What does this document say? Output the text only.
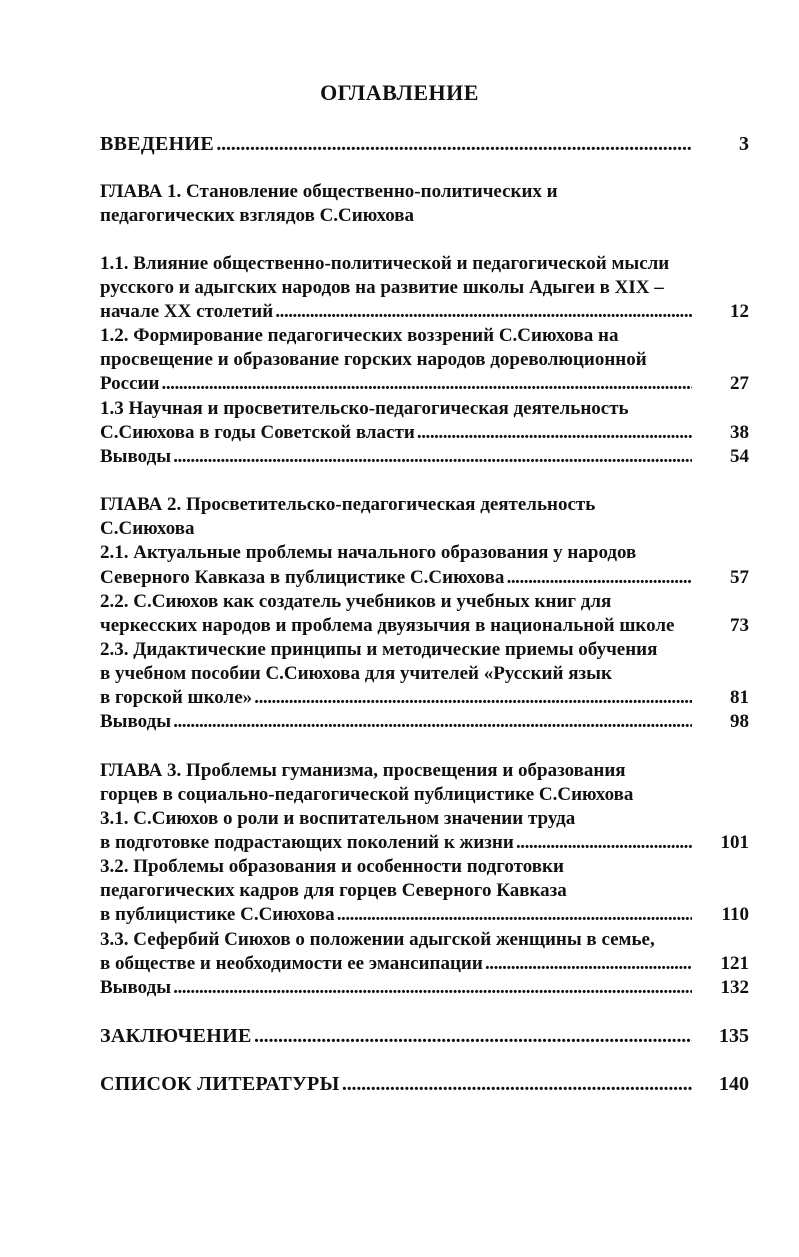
ОГЛАВЛЕНИЕ
ВВЕДЕНИЕ . . .	3
ГЛАВА 1. Становление общественно-политических и
педагогических взглядов С.Сиюхова
1.1. Влияние общественно-политической и педагогической мысли
русского и адыгских народов на развитие школы Адыгеи в XIX –
начале XX столетий . . .	12
1.2. Формирование педагогических воззрений С.Сиюхова на
просвещение и образование горских народов дореволюционной
России . . .	27
1.3 Научная и просветительско-педагогическая деятельность
С.Сиюхова в годы Советской власти . . .	38
Выводы . . .	54
ГЛАВА 2. Просветительско-педагогическая деятельность
С.Сиюхова
2.1. Актуальные проблемы начального образования у народов
Северного Кавказа в публицистике С.Сиюхова . . .	57
2.2. С.Сиюхов как создатель учебников и учебных книг для
черкесских народов и проблема двуязычия в национальной школе	73
2.3. Дидактические принципы и методические приемы обучения
в учебном пособии С.Сиюхова для учителей «Русский язык
в горской школе» . . .	81
Выводы . . .	98
ГЛАВА 3. Проблемы гуманизма, просвещения и образования
горцев в социально-педагогической публицистике С.Сиюхова
3.1. С.Сиюхов о роли и воспитательном значении труда
в подготовке подрастающих поколений к жизни . . .	101
3.2. Проблемы образования и особенности подготовки
педагогических кадров для горцев Северного Кавказа
в публицистике С.Сиюхова . . .	110
3.3. Сефербий Сиюхов о положении адыгской женщины в семье,
в обществе и необходимости ее эмансипации . . .	121
Выводы . . .	132
ЗАКЛЮЧЕНИЕ . . .	135
СПИСОК ЛИТЕРАТУРЫ . . .	140
